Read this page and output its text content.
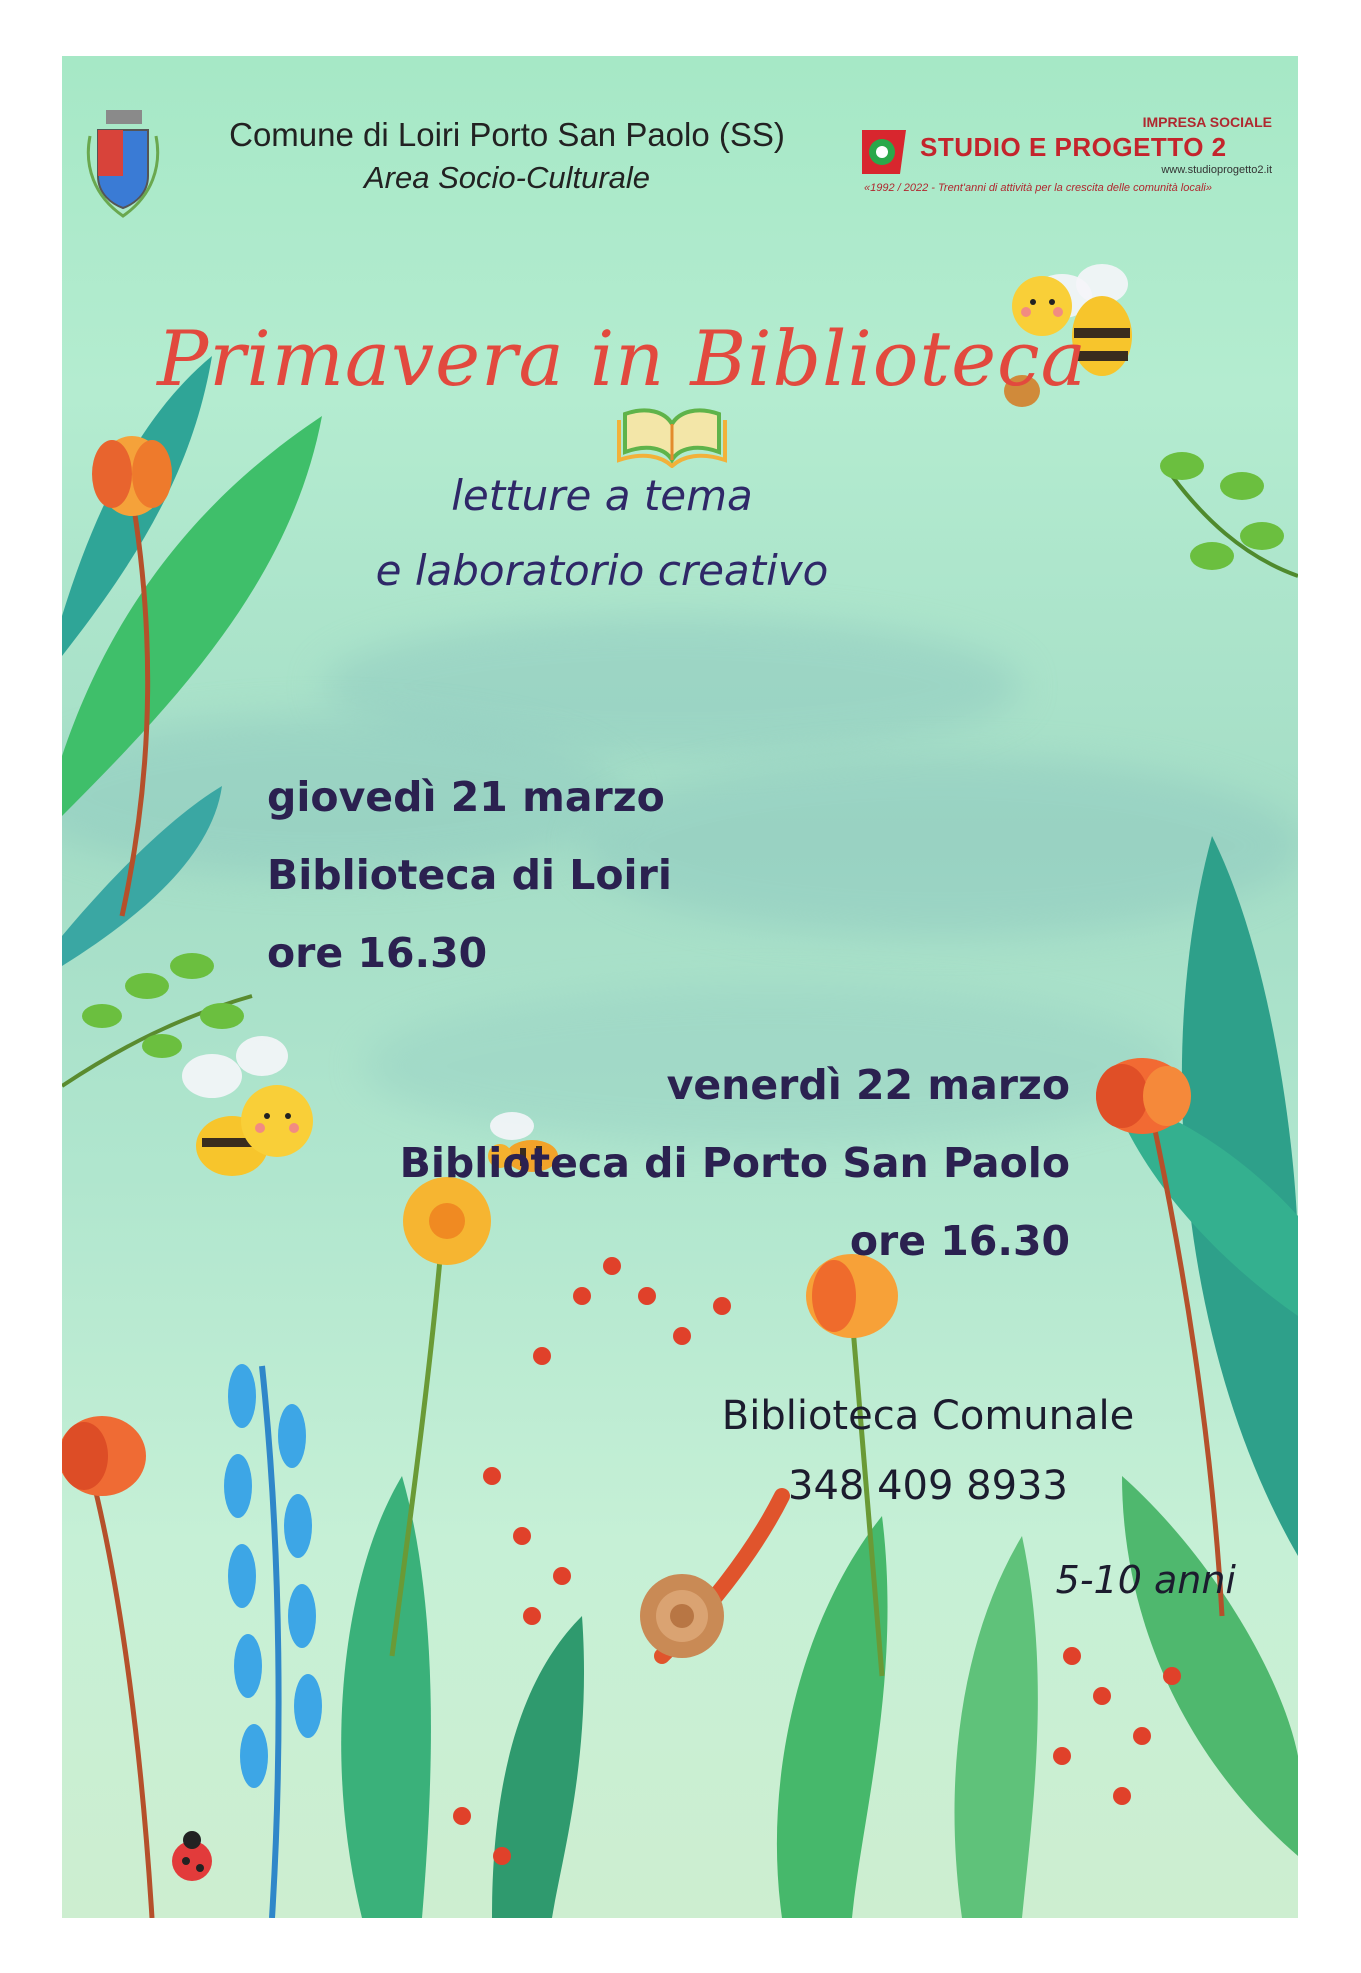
Comune di Loiri Porto San Paolo (SS)
Area Socio-Culturale
IMPRESA SOCIALE
STUDIO E PROGETTO 2
www.studioprogetto2.it
«1992 / 2022 - Trent'anni di attività per la crescita delle comunità locali»
Primavera in Biblioteca
letture a tema
e laboratorio creativo
giovedì 21 marzo
Biblioteca di Loiri
ore 16.30
venerdì 22 marzo
Biblioteca di Porto San Paolo
ore 16.30
Biblioteca Comunale
348 409 8933
5-10 anni
